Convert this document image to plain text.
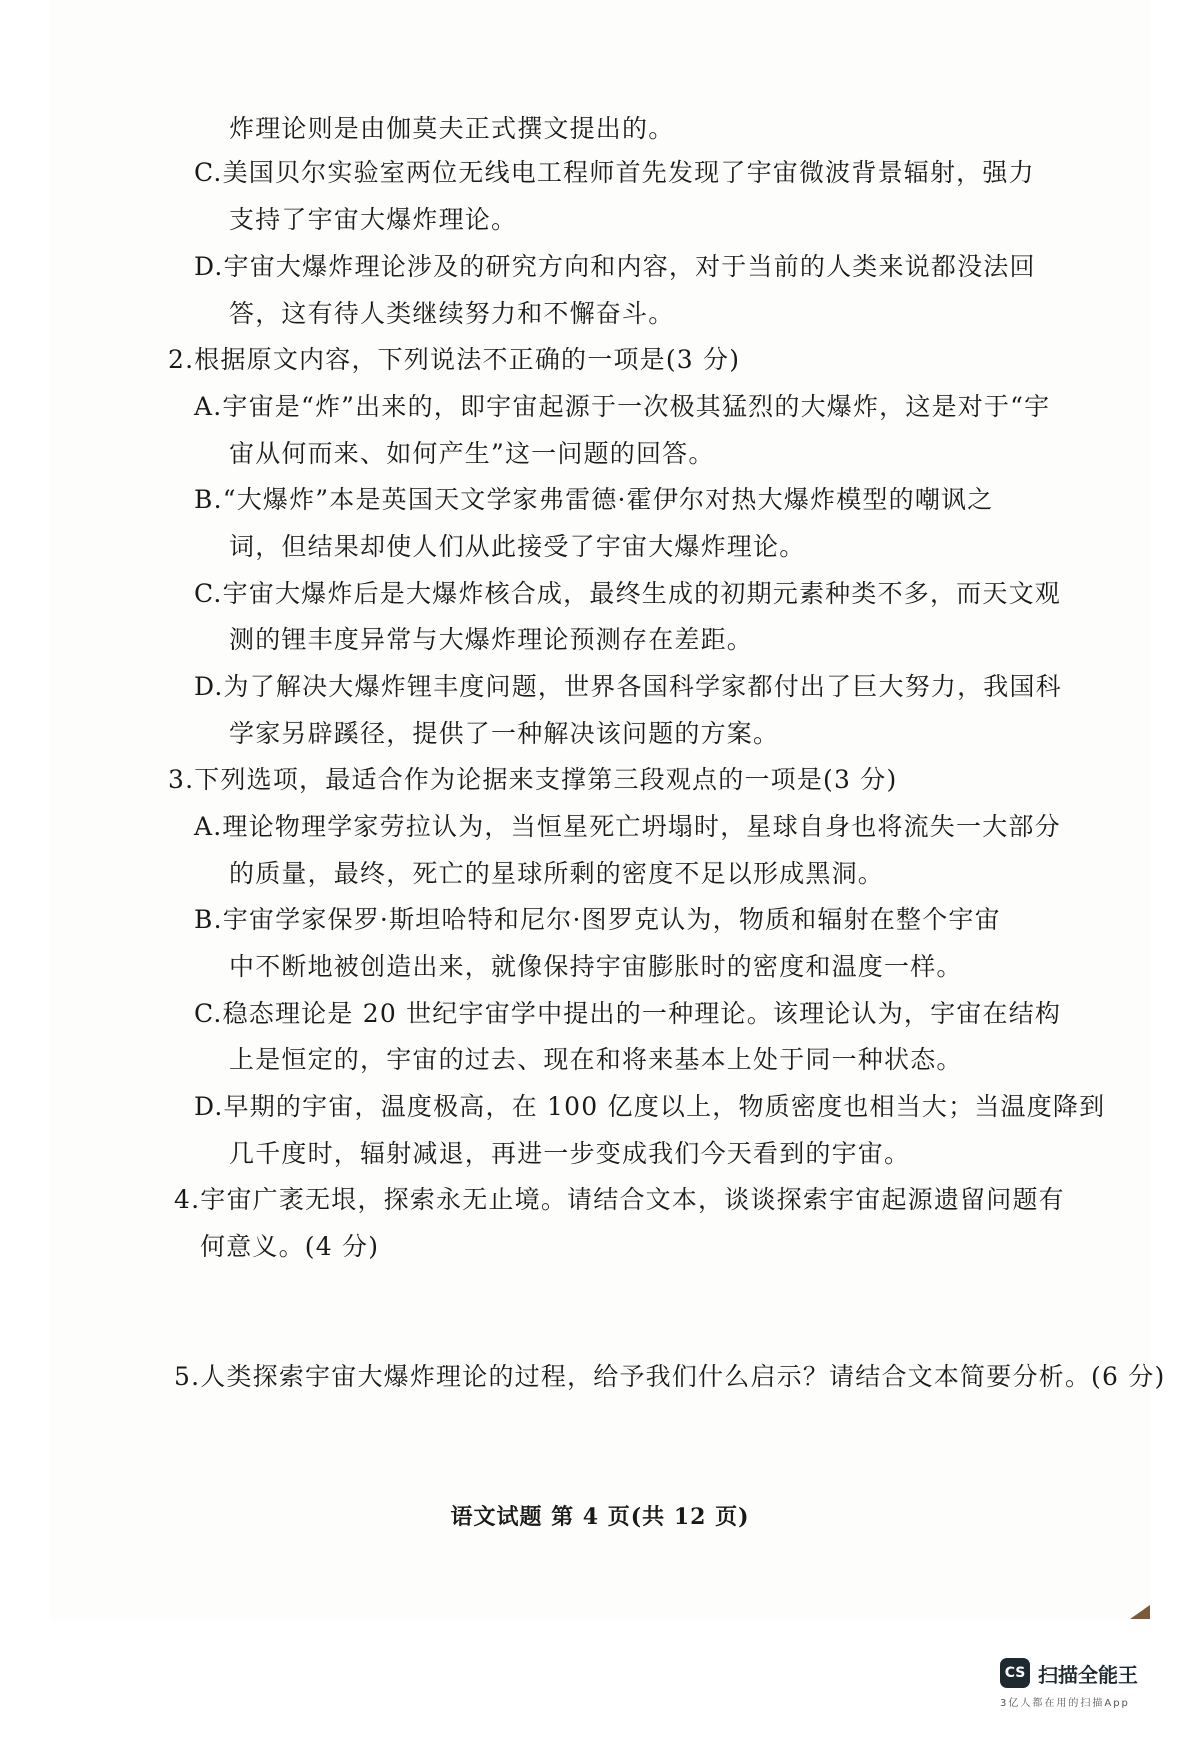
炸理论则是由伽莫夫正式撰文提出的。
C.美国贝尔实验室两位无线电工程师首先发现了宇宙微波背景辐射，强力
支持了宇宙大爆炸理论。
D.宇宙大爆炸理论涉及的研究方向和内容，对于当前的人类来说都没法回
答，这有待人类继续努力和不懈奋斗。
2.根据原文内容，下列说法不正确的一项是(3 分)
A.宇宙是“炸”出来的，即宇宙起源于一次极其猛烈的大爆炸，这是对于“宇
宙从何而来、如何产生”这一问题的回答。
B.“大爆炸”本是英国天文学家弗雷德·霍伊尔对热大爆炸模型的嘲讽之
词，但结果却使人们从此接受了宇宙大爆炸理论。
C.宇宙大爆炸后是大爆炸核合成，最终生成的初期元素种类不多，而天文观
测的锂丰度异常与大爆炸理论预测存在差距。
D.为了解决大爆炸锂丰度问题，世界各国科学家都付出了巨大努力，我国科
学家另辟蹊径，提供了一种解决该问题的方案。
3.下列选项，最适合作为论据来支撑第三段观点的一项是(3 分)
A.理论物理学家劳拉认为，当恒星死亡坍塌时，星球自身也将流失一大部分
的质量，最终，死亡的星球所剩的密度不足以形成黑洞。
B.宇宙学家保罗·斯坦哈特和尼尔·图罗克认为，物质和辐射在整个宇宙
中不断地被创造出来，就像保持宇宙膨胀时的密度和温度一样。
C.稳态理论是 20 世纪宇宙学中提出的一种理论。该理论认为，宇宙在结构
上是恒定的，宇宙的过去、现在和将来基本上处于同一种状态。
D.早期的宇宙，温度极高，在 100 亿度以上，物质密度也相当大；当温度降到
几千度时，辐射减退，再进一步变成我们今天看到的宇宙。
4.宇宙广袤无垠，探索永无止境。请结合文本，谈谈探索宇宙起源遗留问题有
何意义。(4 分)
5.人类探索宇宙大爆炸理论的过程，给予我们什么启示？请结合文本简要分析。(6 分)
语文试题 第 4 页(共 12 页)
CS 扫描全能王
3亿人都在用的扫描App
